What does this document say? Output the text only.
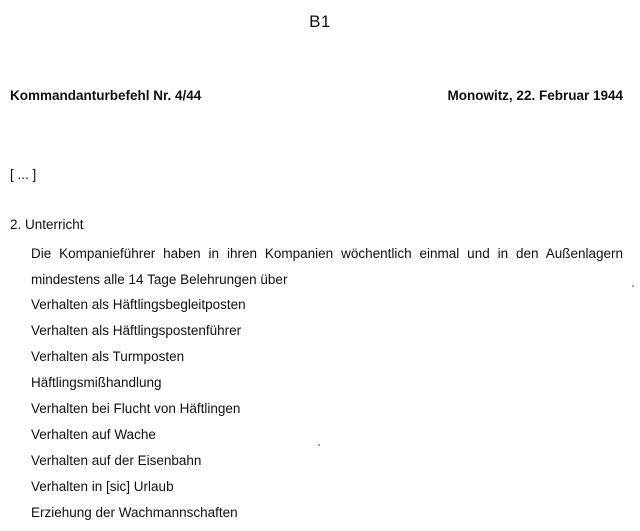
B1
Kommandanturbefehl Nr. 4/44	Monowitz, 22. Februar 1944
[ ... ]
2. Unterricht
Die Kompanieführer haben in ihren Kompanien wöchentlich einmal und in den Außenlagern mindestens alle 14 Tage Belehrungen über
Verhalten als Häftlingsbegleitposten
Verhalten als Häftlingspostenführer
Verhalten als Turmposten
Häftlingsmißhandlung
Verhalten bei Flucht von Häftlingen
Verhalten auf Wache
Verhalten auf der Eisenbahn
Verhalten in [sic] Urlaub
Erziehung der Wachmannschaften
